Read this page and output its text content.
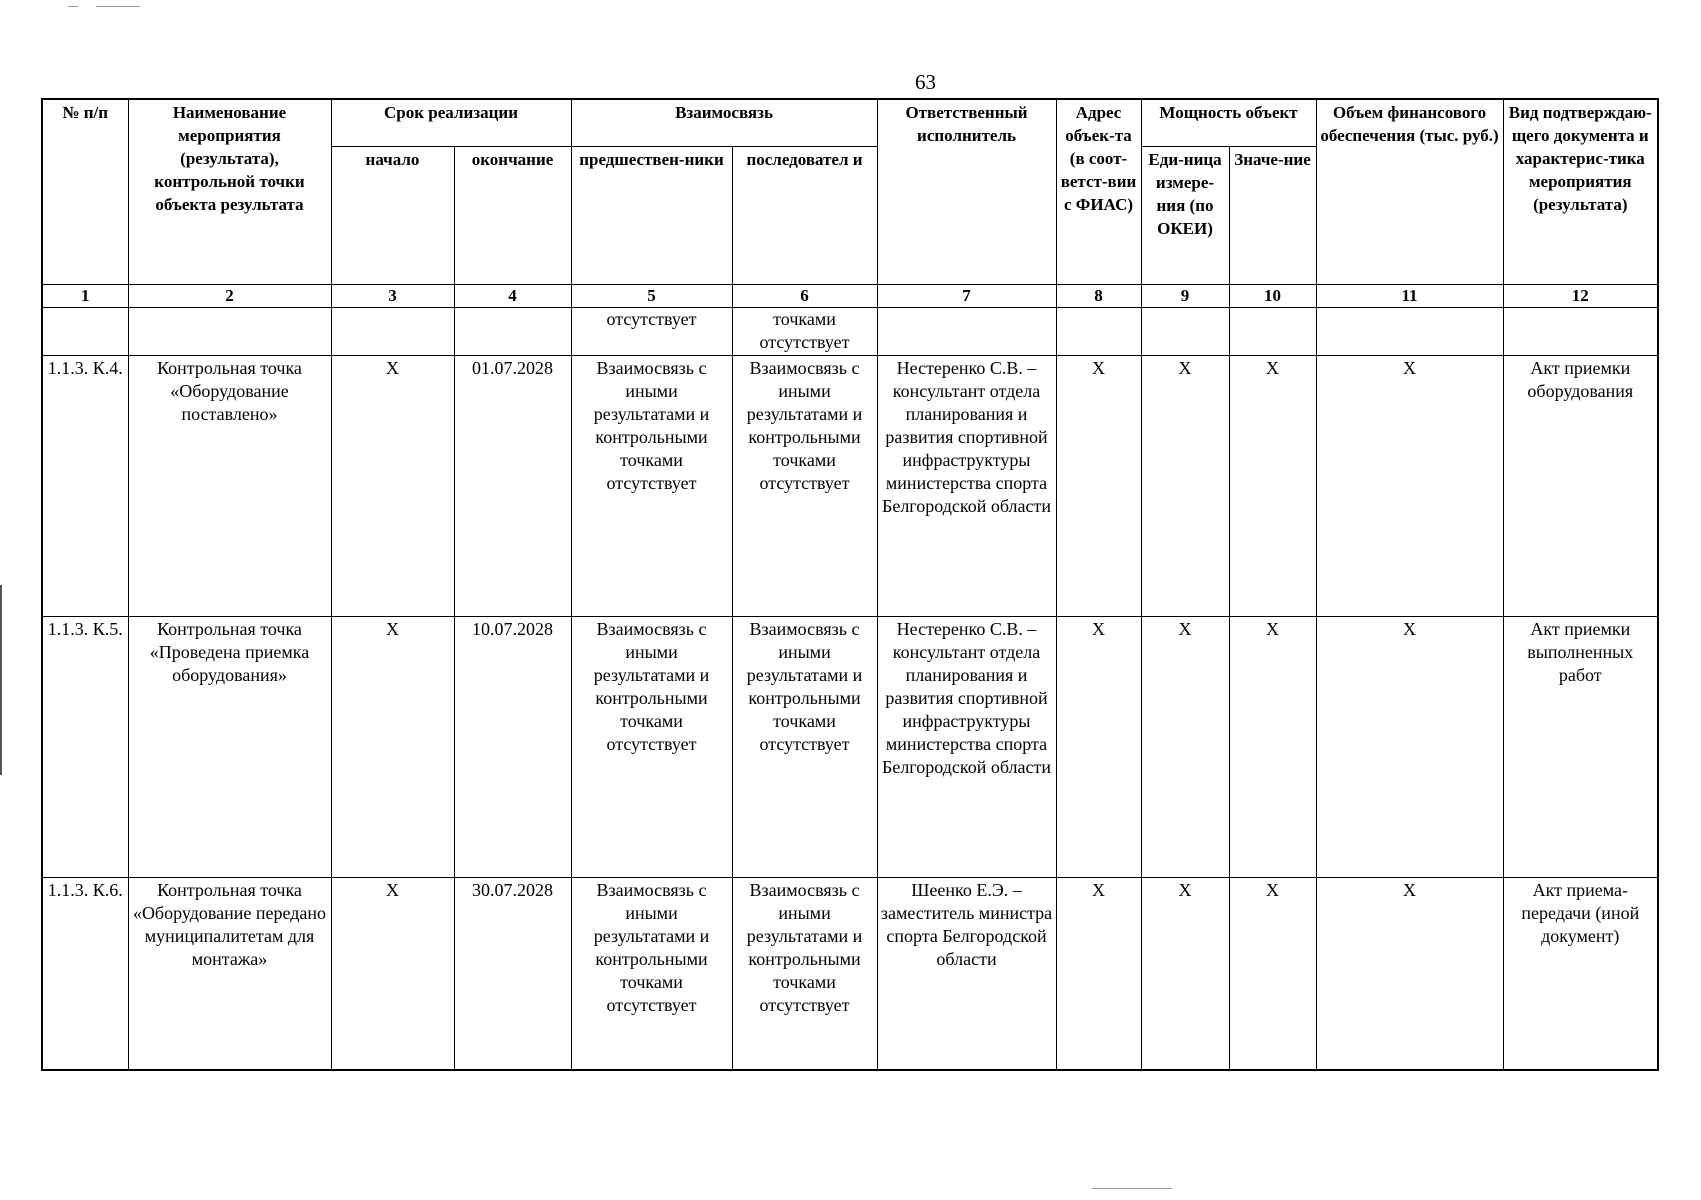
63
№ п/п	Наименование мероприятия (результата), контрольной точки объекта результата	Срок реализации		Взаимосвязь		Ответственный исполнитель	Адрес объек-та (в соот-ветст-вии с ФИАС)	Мощность объект		Объем финансового обеспечения (тыс. руб.)	Вид подтверждаю-щего документа и характерис-тика мероприятия (результата)
		начало	окончание	предшествен-ники	последовател и			Еди-ница измере-ния (по ОКЕИ)	Значе-ние		
1	2	3	4	5	6	7	8	9	10	11	12
				отсутствует	точками отсутствует						
1.1.3. К.4.	Контрольная точка «Оборудование поставлено»	X	01.07.2028	Взаимосвязь с иными результатами и контрольными точками отсутствует	Взаимосвязь с иными результатами и контрольными точками отсутствует	Нестеренко С.В. – консультант отдела планирования и развития спортивной инфраструктуры министерства спорта Белгородской области	X	X	X	X	Акт приемки оборудования
1.1.3. К.5.	Контрольная точка «Проведена приемка оборудования»	X	10.07.2028	Взаимосвязь с иными результатами и контрольными точками отсутствует	Взаимосвязь с иными результатами и контрольными точками отсутствует	Нестеренко С.В. – консультант отдела планирования и развития спортивной инфраструктуры министерства спорта Белгородской области	X	X	X	X	Акт приемки выполненных работ
1.1.3. К.6.	Контрольная точка «Оборудование передано муниципалитетам для монтажа»	X	30.07.2028	Взаимосвязь с иными результатами и контрольными точками отсутствует	Взаимосвязь с иными результатами и контрольными точками отсутствует	Шеенко Е.Э. – заместитель министра спорта Белгородской области	X	X	X	X	Акт приема-передачи (иной документ)
